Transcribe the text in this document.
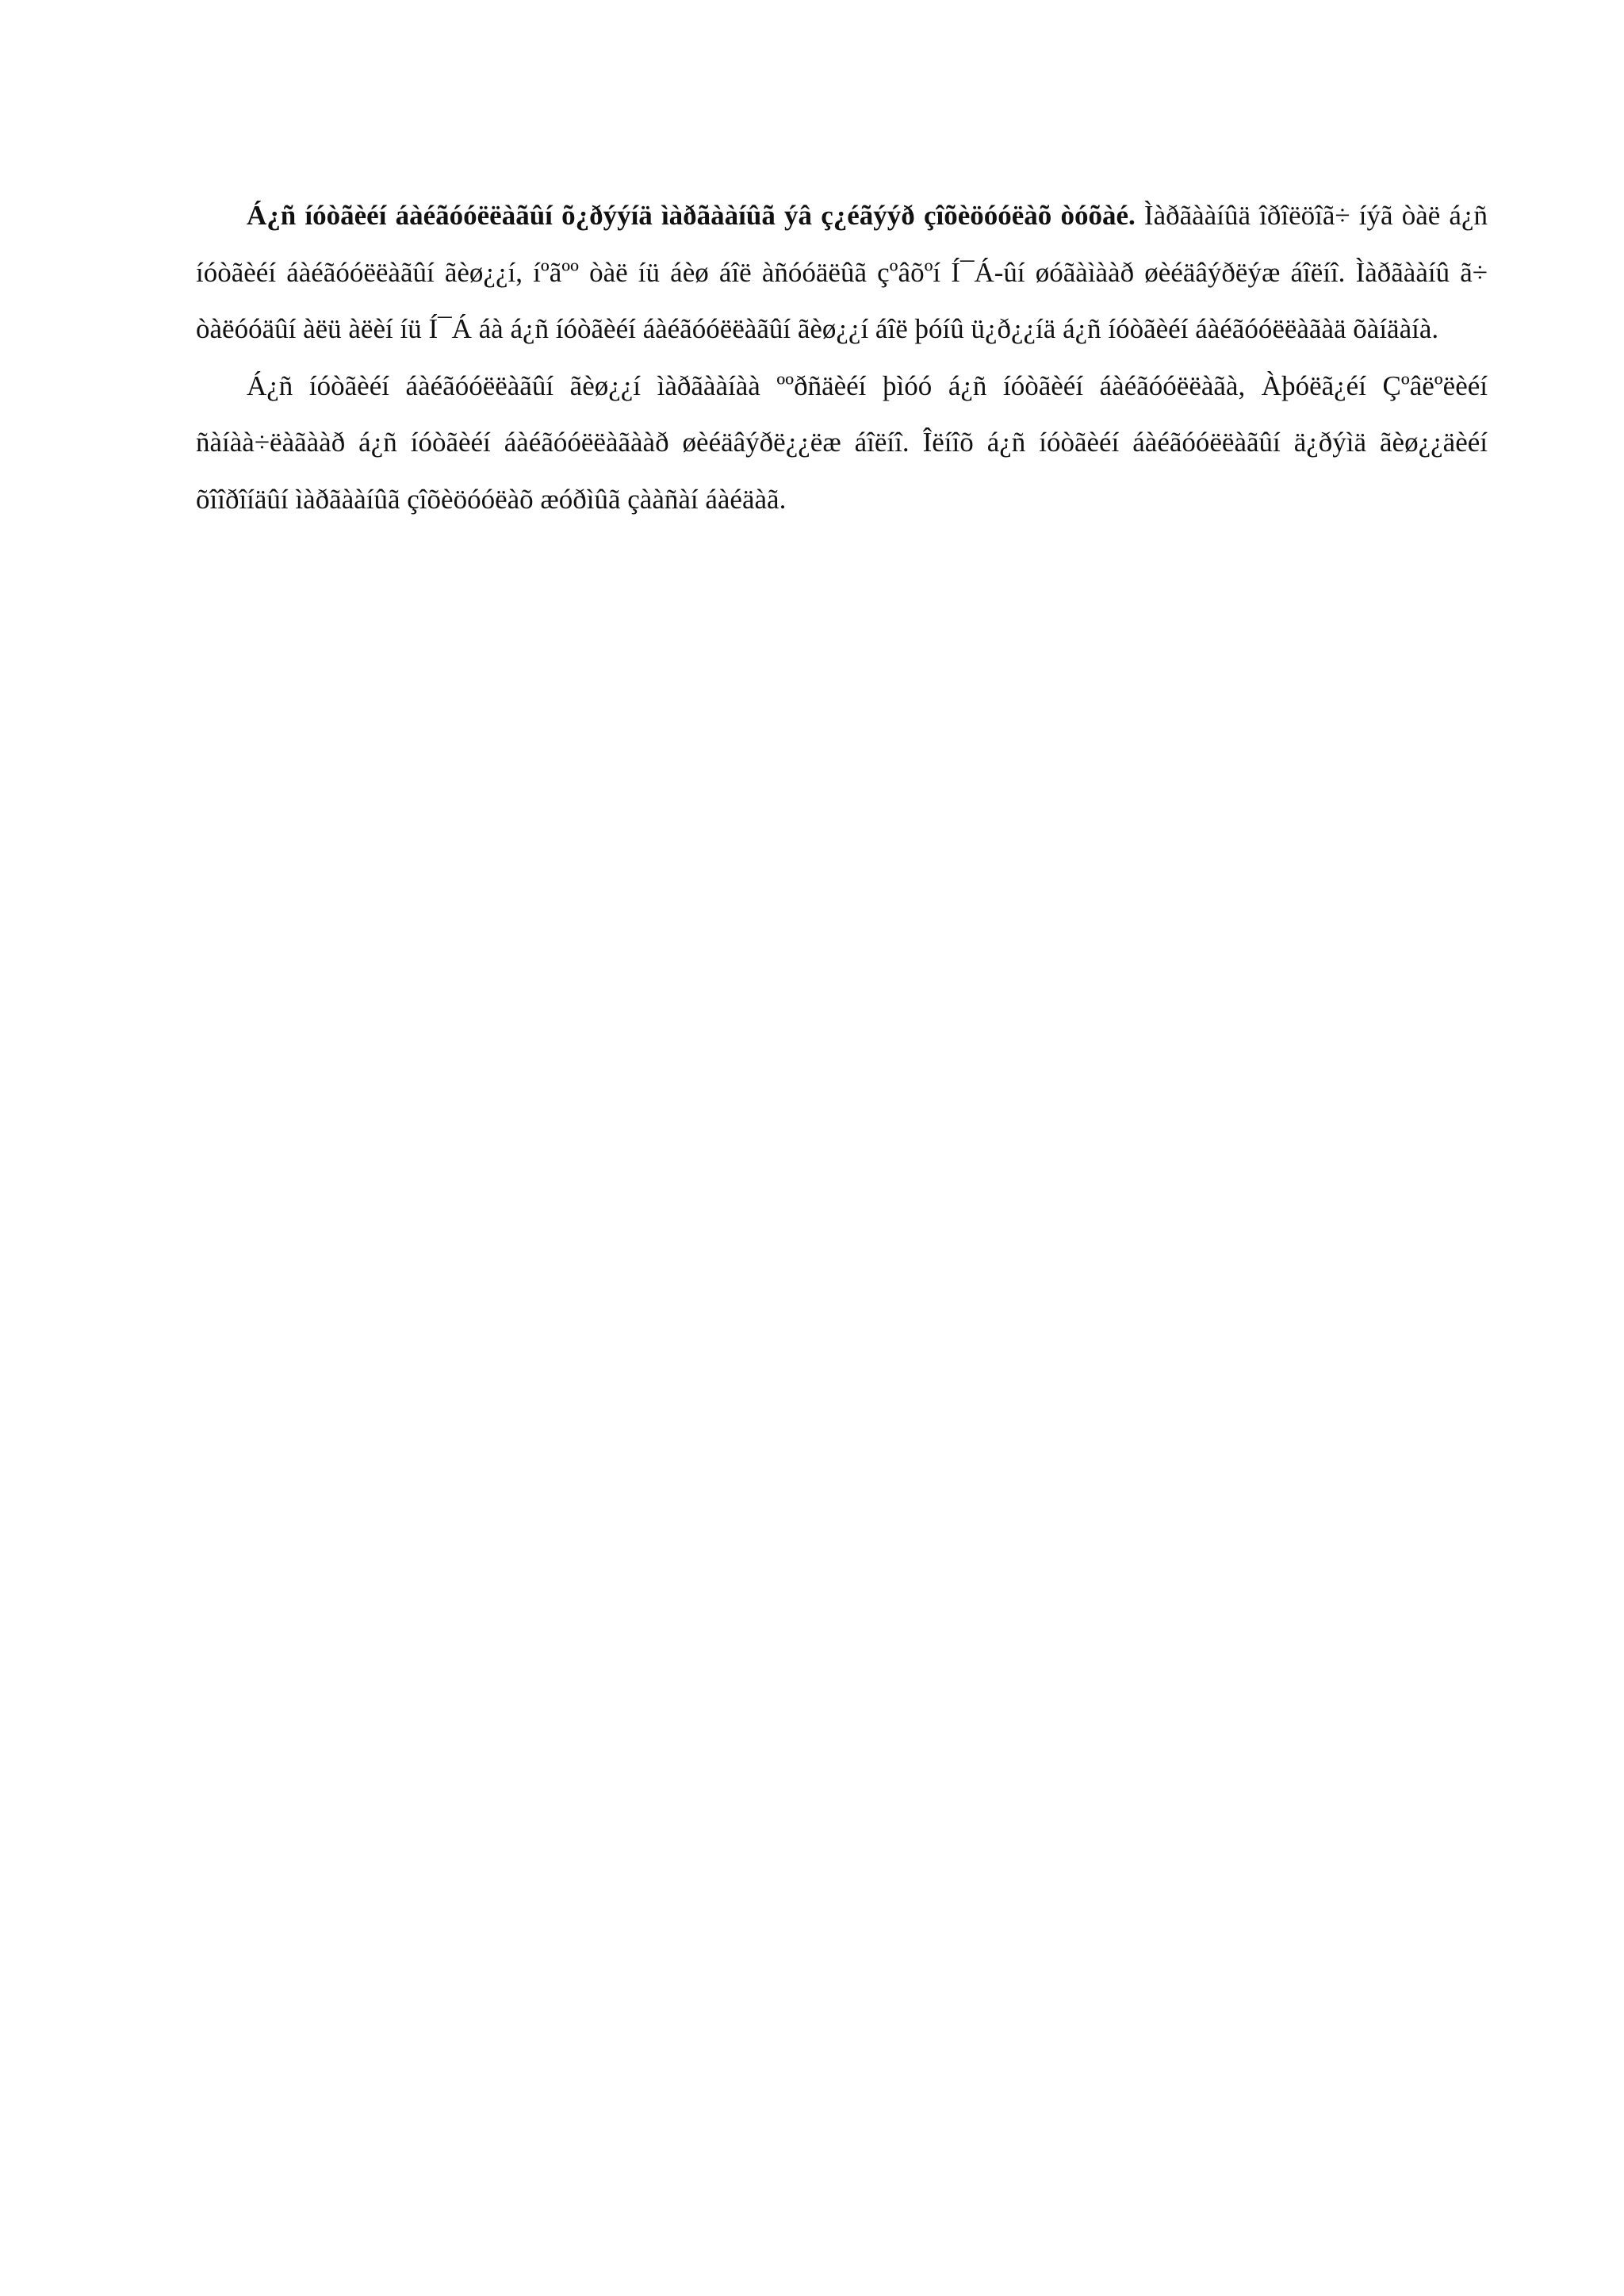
Á¿ñ íóòãèéí áàéãóóëëàãûí õ¿ðýýíä ìàðãààíûã ýâ ç¿éãýýð çîõèöóóëàõ òóõàé. Ìàðãààíûä îðîëöîã÷ íýã òàë á¿ñ íóòãèéí áàéãóóëëàãûí ãèø¿¿í, íºãºº òàë íü áèø áîë àñóóäëûã çºâõºí Í¯Á-ûí øóãàìààð øèéäâýðëýæ áîëíî. Ìàðãààíû ã÷ òàëóóäûí àëü àëèí íü Í¯Á áà á¿ñ íóòãèéí áàéãóóëëàãûí ãèø¿¿í áîë þóíû ü¿ð¿¿íä á¿ñ íóòãèéí áàéãóóëëàãàä õàíäàíà.

Á¿ñ íóòãèéí áàéãóóëëàãûí ãèø¿¿í ìàðãààíàà ººðñäèéí þìóó á¿ñ íóòãèéí áàéãóóëëàãà, Àþóëã¿éí Çºâëºëèéí ñàíàà÷ëàãààð á¿ñ íóòãèéí áàéãóóëëàãààð øèéäâýðë¿¿ëæ áîëíî. Îëíîõ á¿ñ íóòãèéí áàéãóóëëàãûí ä¿ðýìä ãèø¿¿äèéí õîîðîíäûí ìàðãààíûã çîõèöóóëàõ æóðìûã çààñàí áàéäàã.
